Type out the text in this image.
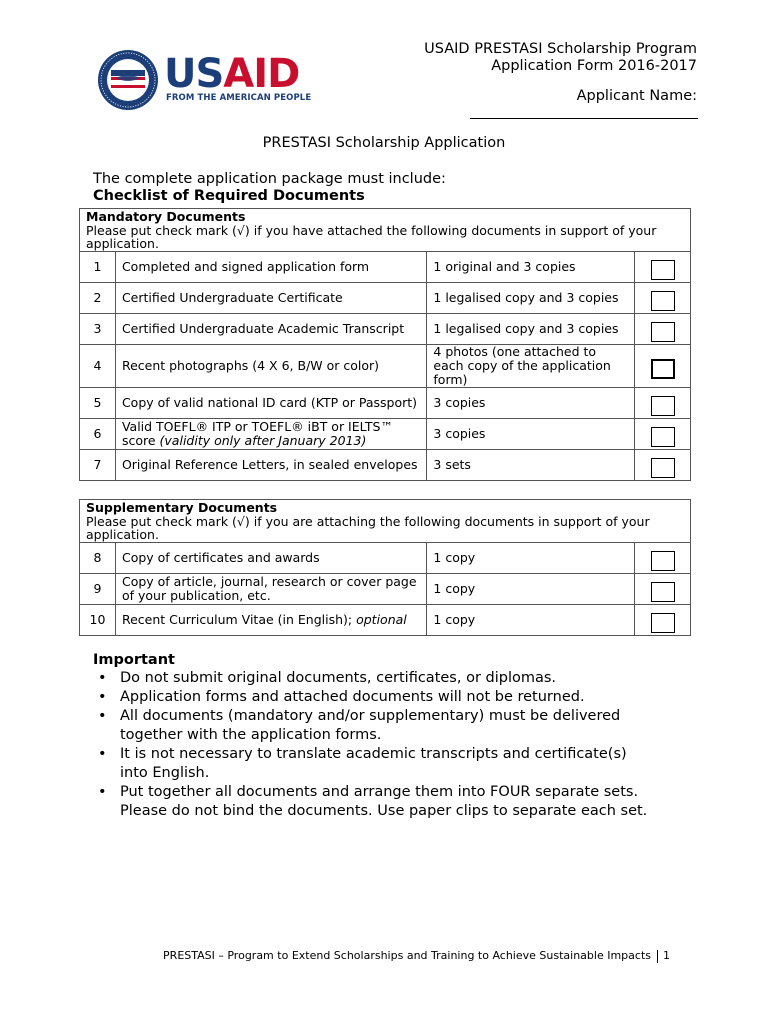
USAID
FROM THE AMERICAN PEOPLE
USAID PRESTASI Scholarship Program
Application Form 2016-2017
Applicant Name:
PRESTASI Scholarship Application
The complete application package must include:
Checklist of Required Documents
Mandatory Documents
Please put check mark (√) if you have attached the following documents in support of your application.			

1	Completed and signed application form	1 original and 3 copies	
2	Certified Undergraduate Certificate	1 legalised copy and 3 copies	
3	Certified Undergraduate Academic Transcript	1 legalised copy and 3 copies	
4	Recent photographs (4 X 6, B/W or color)	4 photos (one attached to each copy of the application form)	
5	Copy of valid national ID card (KTP or Passport)	3 copies	
6	Valid TOEFL® ITP or TOEFL® iBT or IELTS™ score (validity only after January 2013)	3 copies	
7	Original Reference Letters, in sealed envelopes	3 sets	
Supplementary Documents
Please put check mark (√) if you are attaching the following documents in support of your application.			

8	Copy of certificates and awards	1 copy	
9	Copy of article, journal, research or cover page of your publication, etc.	1 copy	
10	Recent Curriculum Vitae (in English); optional	1 copy	
Important
• Do not submit original documents, certificates, or diplomas.
• Application forms and attached documents will not be returned.
• All documents (mandatory and/or supplementary) must be delivered together with the application forms.
• It is not necessary to translate academic transcripts and certificate(s) into English.
• Put together all documents and arrange them into FOUR separate sets. Please do not bind the documents. Use paper clips to separate each set.
PRESTASI – Program to Extend Scholarships and Training to Achieve Sustainable Impacts 1
